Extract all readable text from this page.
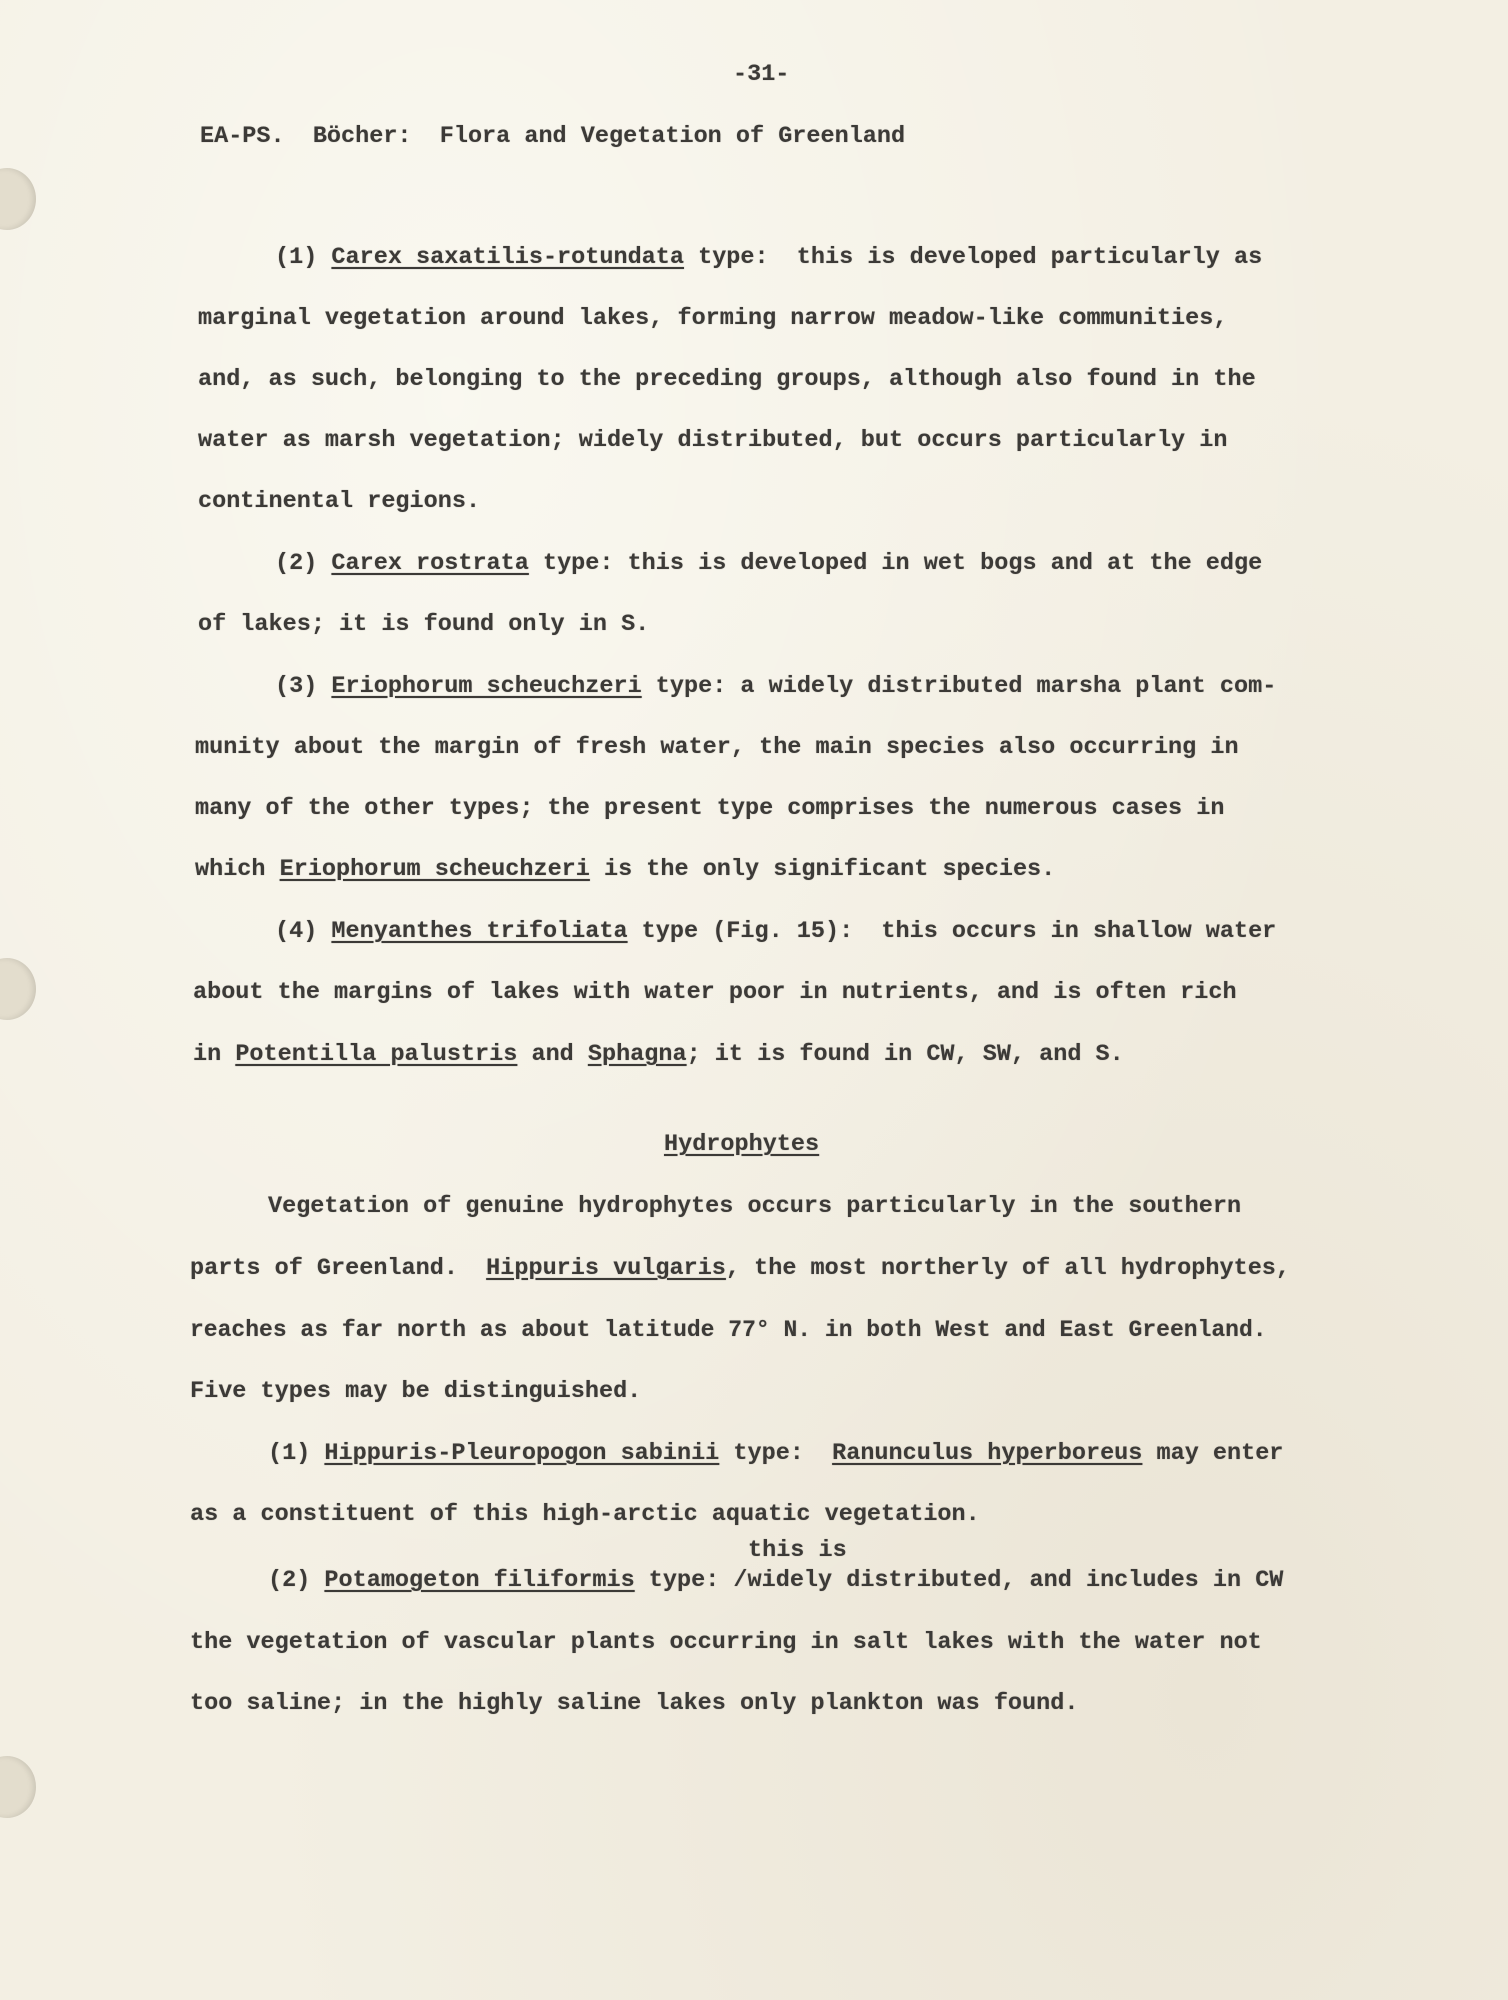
-31-

EA-PS.  Böcher:  Flora and Vegetation of Greenland

(1) Carex saxatilis-rotundata type:  this is developed particularly as

marginal vegetation around lakes, forming narrow meadow-like communities,

and, as such, belonging to the preceding groups, although also found in the

water as marsh vegetation; widely distributed, but occurs particularly in

continental regions.

(2) Carex rostrata type: this is developed in wet bogs and at the edge

of lakes; it is found only in S.

(3) Eriophorum scheuchzeri type: a widely distributed marsha plant com-

munity about the margin of fresh water, the main species also occurring in

many of the other types; the present type comprises the numerous cases in

which Eriophorum scheuchzeri is the only significant species.

(4) Menyanthes trifoliata type (Fig. 15):  this occurs in shallow water

about the margins of lakes with water poor in nutrients, and is often rich

in Potentilla palustris and Sphagna; it is found in CW, SW, and S.

Hydrophytes

Vegetation of genuine hydrophytes occurs particularly in the southern

parts of Greenland.  Hippuris vulgaris, the most northerly of all hydrophytes,

reaches as far north as about latitude 77° N. in both West and East Greenland.

Five types may be distinguished.

(1) Hippuris-Pleuropogon sabinii type:  Ranunculus hyperboreus may enter

as a constituent of this high-arctic aquatic vegetation.

this is

(2) Potamogeton filiformis type: /widely distributed, and includes in CW

the vegetation of vascular plants occurring in salt lakes with the water not

too saline; in the highly saline lakes only plankton was found.
